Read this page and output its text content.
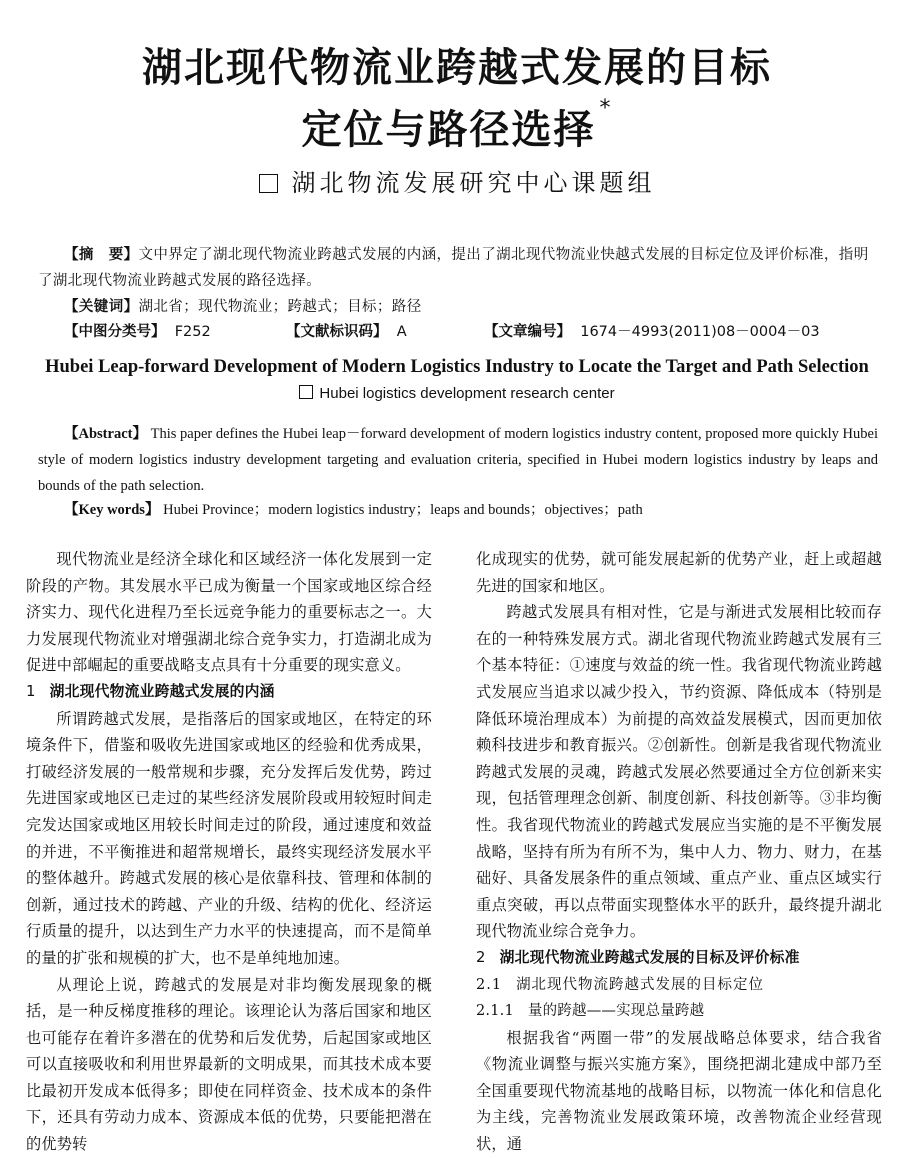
湖北现代物流业跨越式发展的目标
定位与路径选择 *
湖北物流发展研究中心课题组
【摘　要】文中界定了湖北现代物流业跨越式发展的内涵，提出了湖北现代物流业快越式发展的目标定位及评价标准，指明了湖北现代物流业跨越式发展的路径选择。
【关键词】湖北省；现代物流业；跨越式；目标；路径
【中图分类号】 F252	【文献标识码】 A	【文章编号】 1674－4993(2011)08－0004－03
Hubei Leap-forward Development of Modern Logistics Industry to Locate the Target and Path Selection
Hubei logistics development research center
【Abstract】 This paper defines the Hubei leap－forward development of modern logistics industry content, proposed more quickly Hubei style of modern logistics industry development targeting and evaluation criteria, specified in Hubei modern logistics industry by leaps and bounds of the path selection.
【Key words】 Hubei Province；modern logistics industry；leaps and bounds；objectives；path

现代物流业是经济全球化和区域经济一体化发展到一定阶段的产物。其发展水平已成为衡量一个国家或地区综合经济实力、现代化进程乃至长远竞争能力的重要标志之一。大力发展现代物流业对增强湖北综合竞争实力，打造湖北成为促进中部崛起的重要战略支点具有十分重要的现实意义。

1 湖北现代物流业跨越式发展的内涵

所谓跨越式发展，是指落后的国家或地区，在特定的环境条件下，借鉴和吸收先进国家或地区的经验和优秀成果，打破经济发展的一般常规和步骤，充分发挥后发优势，跨过先进国家或地区已走过的某些经济发展阶段或用较短时间走完发达国家或地区用较长时间走过的阶段，通过速度和效益的并进，不平衡推进和超常规增长，最终实现经济发展水平的整体越升。跨越式发展的核心是依靠科技、管理和体制的创新，通过技术的跨越、产业的升级、结构的优化、经济运行质量的提升，以达到生产力水平的快速提高，而不是简单的量的扩张和规模的扩大，也不是单纯地加速。

从理论上说，跨越式的发展是对非均衡发展现象的概括，是一种反梯度推移的理论。该理论认为落后国家和地区也可能存在着许多潜在的优势和后发优势，后起国家或地区可以直接吸收和利用世界最新的文明成果，而其技术成本要比最初开发成本低得多；即使在同样资金、技术成本的条件下，还具有劳动力成本、资源成本低的优势，只要能把潜在的优势转

化成现实的优势，就可能发展起新的优势产业，赶上或超越先进的国家和地区。

跨越式发展具有相对性，它是与渐进式发展相比较而存在的一种特殊发展方式。湖北省现代物流业跨越式发展有三个基本特征：①速度与效益的统一性。我省现代物流业跨越式发展应当追求以减少投入，节约资源、降低成本（特别是降低环境治理成本）为前提的高效益发展模式，因而更加依赖科技进步和教育振兴。②创新性。创新是我省现代物流业跨越式发展的灵魂，跨越式发展必然要通过全方位创新来实现，包括管理理念创新、制度创新、科技创新等。③非均衡性。我省现代物流业的跨越式发展应当实施的是不平衡发展战略，坚持有所为有所不为，集中人力、物力、财力，在基础好、具备发展条件的重点领域、重点产业、重点区域实行重点突破，再以点带面实现整体水平的跃升，最终提升湖北现代物流业综合竞争力。

2 湖北现代物流业跨越式发展的目标及评价标准
2.1 湖北现代物流跨越式发展的目标定位
2.1.1 量的跨越——实现总量跨越

根据我省“两圈一带”的发展战略总体要求，结合我省《物流业调整与振兴实施方案》，围绕把湖北建成中部乃至全国重要现代物流基地的战略目标，以物流一体化和信息化为主线，完善物流业发展政策环境，改善物流企业经营现状，通
